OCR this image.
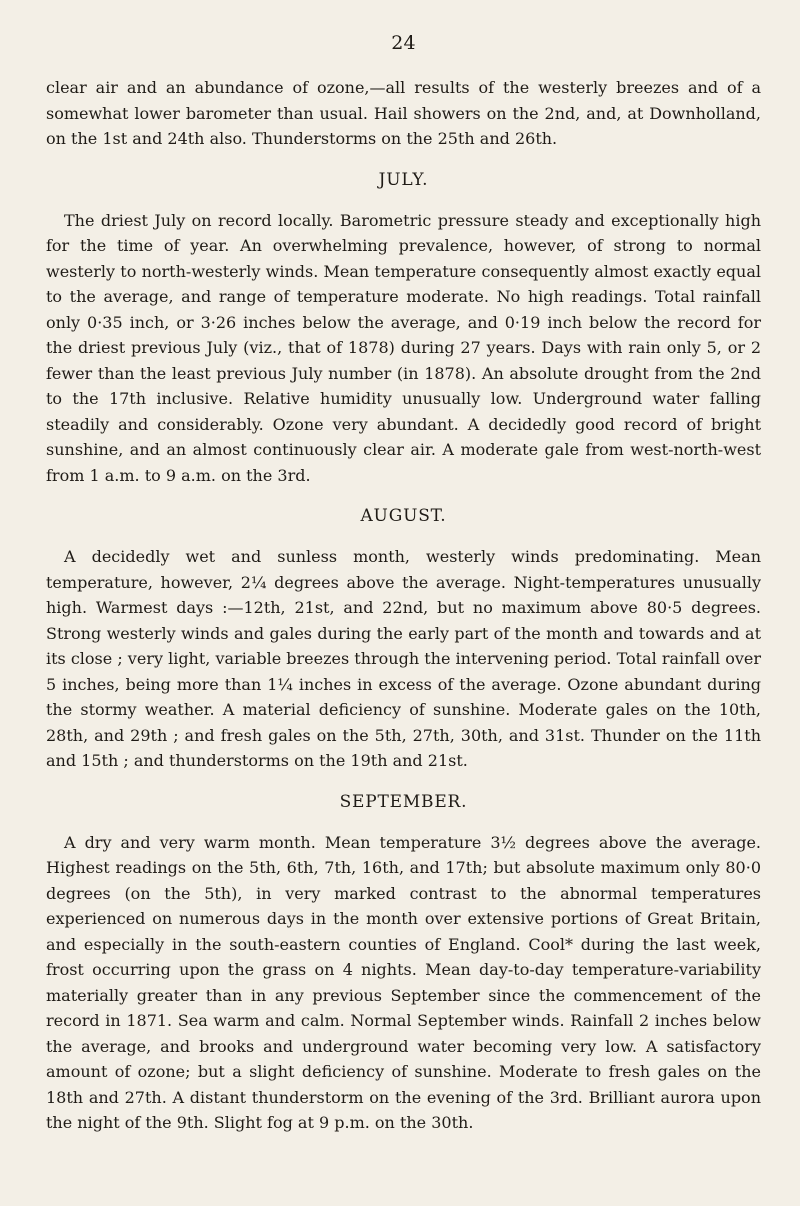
24

clear air and an abundance of ozone,—all results of the westerly breezes and of a somewhat lower barometer than usual. Hail showers on the 2nd, and, at Downholland, on the 1st and 24th also. Thunderstorms on the 25th and 26th.

JULY.

The driest July on record locally. Barometric pressure steady and exceptionally high for the time of year. An overwhelming prevalence, however, of strong to normal westerly to north-westerly winds. Mean temperature consequently almost exactly equal to the average, and range of temperature moderate. No high readings. Total rainfall only 0·35 inch, or 3·26 inches below the average, and 0·19 inch below the record for the driest previous July (viz., that of 1878) during 27 years. Days with rain only 5, or 2 fewer than the least previous July number (in 1878). An absolute drought from the 2nd to the 17th inclusive. Relative humidity unusually low. Underground water falling steadily and considerably. Ozone very abundant. A decidedly good record of bright sunshine, and an almost continuously clear air. A moderate gale from west-north-west from 1 a.m. to 9 a.m. on the 3rd.

AUGUST.

A decidedly wet and sunless month, westerly winds predominating. Mean temperature, however, 2¼ degrees above the average. Night-temperatures unusually high. Warmest days :—12th, 21st, and 22nd, but no maximum above 80·5 degrees. Strong westerly winds and gales during the early part of the month and towards and at its close ; very light, variable breezes through the intervening period. Total rainfall over 5 inches, being more than 1¼ inches in excess of the average. Ozone abundant during the stormy weather. A material deficiency of sunshine. Moderate gales on the 10th, 28th, and 29th ; and fresh gales on the 5th, 27th, 30th, and 31st. Thunder on the 11th and 15th ; and thunderstorms on the 19th and 21st.

SEPTEMBER.

A dry and very warm month. Mean temperature 3½ degrees above the average. Highest readings on the 5th, 6th, 7th, 16th, and 17th; but absolute maximum only 80·0 degrees (on the 5th), in very marked contrast to the abnormal temperatures experienced on numerous days in the month over extensive portions of Great Britain, and especially in the south-eastern counties of England. Cool* during the last week, frost occurring upon the grass on 4 nights. Mean day-to-day temperature-variability materially greater than in any previous September since the commencement of the record in 1871. Sea warm and calm. Normal September winds. Rainfall 2 inches below the average, and brooks and underground water becoming very low. A satisfactory amount of ozone; but a slight deficiency of sunshine. Moderate to fresh gales on the 18th and 27th. A distant thunderstorm on the evening of the 3rd. Brilliant aurora upon the night of the 9th. Slight fog at 9 p.m. on the 30th.
